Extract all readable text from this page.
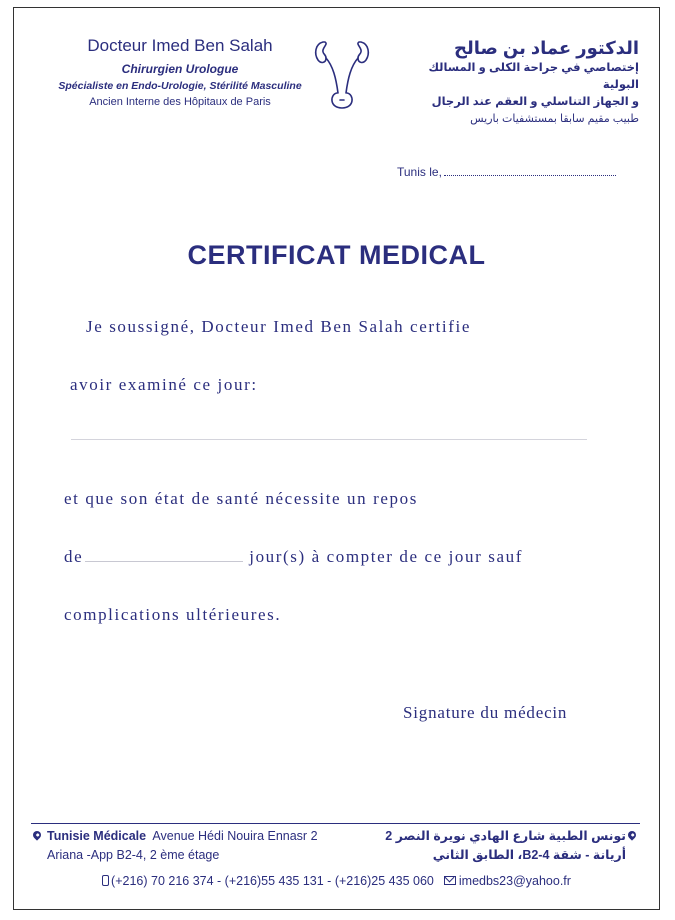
Docteur Imed Ben Salah
Chirurgien Urologue
Spécialiste en Endo-Urologie, Stérilité Masculine
Ancien Interne des Hôpitaux de Paris
الدكتور عماد بن صالح
إختصاصي في جراحة الكلى و المسالك البولية
و الجهاز التناسلي و العقم عند الرجال
طبيب مقيم سابقا بمستشفيات باريس
Tunis le,
CERTIFICAT MEDICAL
Je soussigné, Docteur Imed Ben Salah certifie
avoir examiné ce jour:
et que son état de santé nécessite un repos
de	jour(s) à compter de ce jour sauf
complications ultérieures.
Signature du médecin
Tunisie Médicale Avenue Hédi Nouira Ennasr 2
Ariana -App B2-4, 2 ème étage
تونس الطبية شارع الهادي نويرة النصر 2
أريانة - شقة B2-4، الطابق الثاني
(+216) 70 216 374 - (+216)55 435 131 - (+216)25 435 060 imedbs23@yahoo.fr
